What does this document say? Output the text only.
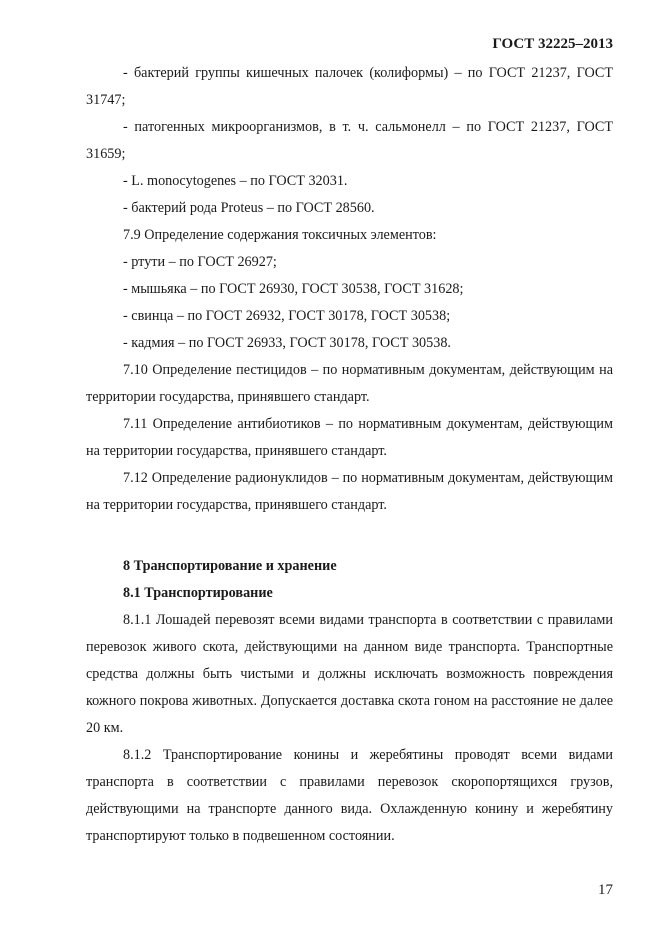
ГОСТ 32225–2013

- бактерий группы кишечных палочек (колиформы) – по ГОСТ 21237, ГОСТ 31747;

- патогенных микроорганизмов, в т. ч. сальмонелл – по ГОСТ 21237, ГОСТ 31659;

- L. monocytogenes – по ГОСТ 32031.

- бактерий рода Proteus – по ГОСТ 28560.

7.9 Определение содержания токсичных элементов:

- ртути – по ГОСТ 26927;

- мышьяка – по ГОСТ 26930, ГОСТ 30538, ГОСТ 31628;

- свинца – по ГОСТ 26932, ГОСТ 30178, ГОСТ 30538;

- кадмия – по ГОСТ 26933, ГОСТ 30178, ГОСТ 30538.

7.10 Определение пестицидов – по нормативным документам, действующим на территории государства, принявшего стандарт.

7.11 Определение антибиотиков – по нормативным документам, действующим на территории государства, принявшего стандарт.

7.12 Определение радионуклидов – по нормативным документам, действующим на территории государства, принявшего стандарт.

8 Транспортирование и хранение

8.1 Транспортирование

8.1.1 Лошадей перевозят всеми видами транспорта в соответствии с правилами перевозок живого скота, действующими на данном виде транспорта. Транспортные средства должны быть чистыми и должны исключать возможность повреждения кожного покрова животных. Допускается доставка скота гоном на расстояние не далее 20 км.

8.1.2 Транспортирование конины и жеребятины проводят всеми видами транспорта в соответствии с правилами перевозок скоропортящихся грузов, действующими на транспорте данного вида. Охлажденную конину и жеребятину транспортируют только в подвешенном состоянии.

17
